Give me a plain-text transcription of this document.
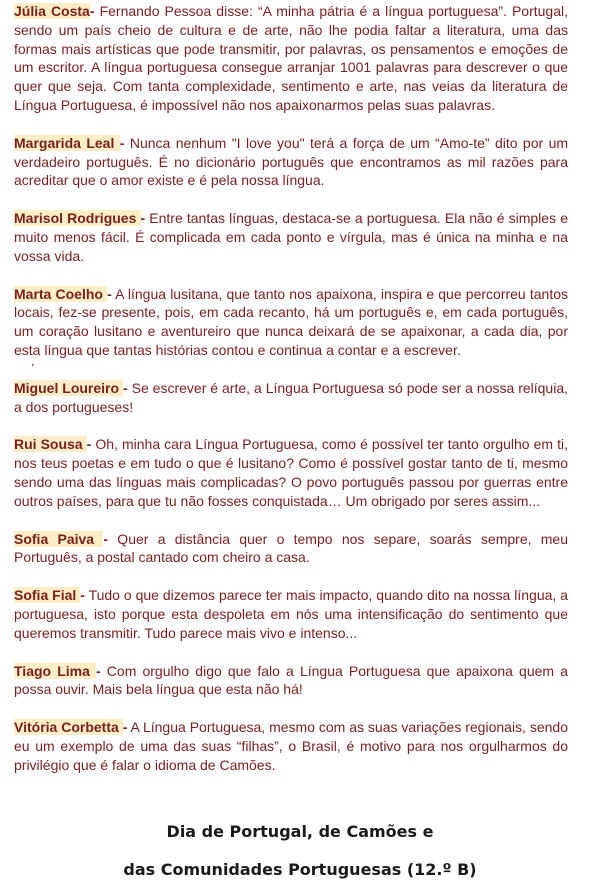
Júlia Costa- Fernando Pessoa disse: “A minha pátria é a língua portuguesa”. Portugal, sendo um país cheio de cultura e de arte, não lhe podia faltar a literatura, uma das formas mais artísticas que pode transmitir, por palavras, os pensamentos e emoções de um escritor. A língua portuguesa consegue arranjar 1001 palavras para descrever o que quer que seja. Com tanta complexidade, sentimento e arte, nas veias da literatura de Língua Portuguesa, é impossível não nos apaixonarmos pelas suas palavras.

Margarida Leal - Nunca nenhum "I love you" terá a força de um “Amo-te” dito por um verdadeiro português. É no dicionário português que encontramos as mil razões para acreditar que o amor existe e é pela nossa língua.

Marisol Rodrigues - Entre tantas línguas, destaca-se a portuguesa. Ela não é simples e muito menos fácil. É complicada em cada ponto e vírgula, mas é única na minha e na vossa vida.

Marta Coelho - A língua lusitana, que tanto nos apaixona, inspira e que percorreu tantos locais, fez-se presente, pois, em cada recanto, há um português e, em cada português, um coração lusitano e aventureiro que nunca deixará de se apaixonar, a cada dia, por esta língua que tantas histórias contou e continua a contar e a escrever.

Miguel Loureiro - Se escrever é arte, a Língua Portuguesa só pode ser a nossa relíquia, a dos portugueses!

Rui Sousa - Oh, minha cara Língua Portuguesa, como é possível ter tanto orgulho em ti, nos teus poetas e em tudo o que é lusitano? Como é possível gostar tanto de ti, mesmo sendo uma das línguas mais complicadas? O povo português passou por guerras entre outros países, para que tu não fosses conquistada… Um obrigado por seres assim...

Sofia Paiva - Quer a distância quer o tempo nos separe, soarás sempre, meu Português, a postal cantado com cheiro a casa.

Sofia Fial - Tudo o que dizemos parece ter mais impacto, quando dito na nossa língua, a portuguesa, isto porque esta despoleta em nós uma intensificação do sentimento que queremos transmitir. Tudo parece mais vivo e intenso...

Tiago Lima - Com orgulho digo que falo a Língua Portuguesa que apaixona quem a possa ouvir. Mais bela língua que esta não há!

Vitória Corbetta - A Língua Portuguesa, mesmo com as suas variações regionais, sendo eu um exemplo de uma das suas “filhas”, o Brasil, é motivo para nos orgulharmos do privilégio que é falar o idioma de Camões.

,
Dia de Portugal, de Camões e
das Comunidades Portuguesas (12.º B)
